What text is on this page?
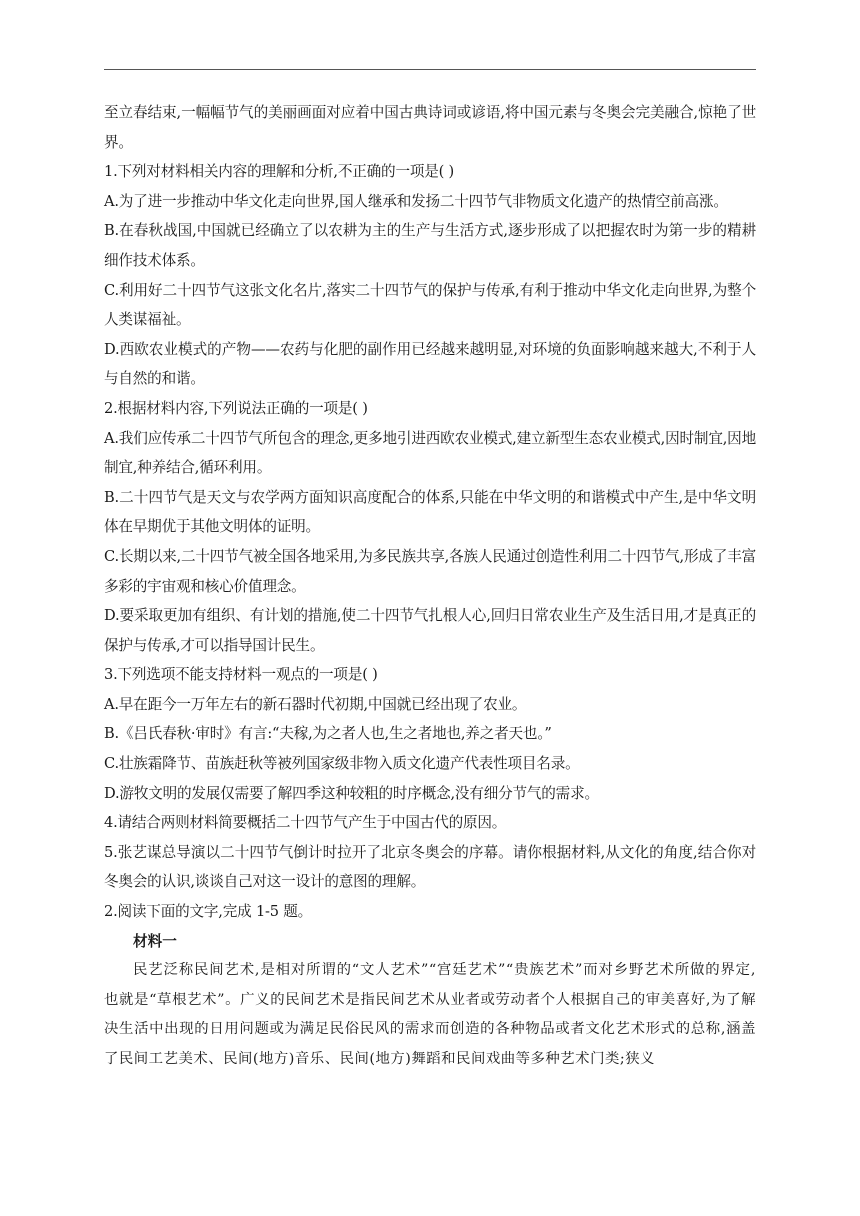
至立春结束,一幅幅节气的美丽画面对应着中国古典诗词或谚语,将中国元素与冬奥会完美融合,惊艳了世界。

1.下列对材料相关内容的理解和分析,不正确的一项是( )

A.为了进一步推动中华文化走向世界,国人继承和发扬二十四节气非物质文化遗产的热情空前高涨。

B.在春秋战国,中国就已经确立了以农耕为主的生产与生活方式,逐步形成了以把握农时为第一步的精耕细作技术体系。

C.利用好二十四节气这张文化名片,落实二十四节气的保护与传承,有利于推动中华文化走向世界,为整个人类谋福祉。

D.西欧农业模式的产物——农药与化肥的副作用已经越来越明显,对环境的负面影响越来越大,不利于人与自然的和谐。

2.根据材料内容,下列说法正确的一项是( )

A.我们应传承二十四节气所包含的理念,更多地引进西欧农业模式,建立新型生态农业模式,因时制宜,因地制宜,种养结合,循环利用。

B.二十四节气是天文与农学两方面知识高度配合的体系,只能在中华文明的和谐模式中产生,是中华文明体在早期优于其他文明体的证明。

C.长期以来,二十四节气被全国各地采用,为多民族共享,各族人民通过创造性利用二十四节气,形成了丰富多彩的宇宙观和核心价值理念。

D.要采取更加有组织、有计划的措施,使二十四节气扎根人心,回归日常农业生产及生活日用,才是真正的保护与传承,才可以指导国计民生。

3.下列选项不能支持材料一观点的一项是( )

A.早在距今一万年左右的新石器时代初期,中国就已经出现了农业。

B.《吕氏春秋·审时》有言:“夫稼,为之者人也,生之者地也,养之者天也。”

C.壮族霜降节、苗族赶秋等被列国家级非物入质文化遗产代表性项目名录。

D.游牧文明的发展仅需要了解四季这种较粗的时序概念,没有细分节气的需求。

4.请结合两则材料简要概括二十四节气产生于中国古代的原因。

5.张艺谋总导演以二十四节气倒计时拉开了北京冬奥会的序幕。请你根据材料,从文化的角度,结合你对冬奥会的认识,谈谈自己对这一设计的意图的理解。

2.阅读下面的文字,完成 1-5 题。

材料一

民艺泛称民间艺术,是相对所谓的“文人艺术”“宫廷艺术”“贵族艺术”而对乡野艺术所做的界定,也就是“草根艺术”。广义的民间艺术是指民间艺术从业者或劳动者个人根据自己的审美喜好,为了解决生活中出现的日用问题或为满足民俗民风的需求而创造的各种物品或者文化艺术形式的总称,涵盖了民间工艺美术、民间(地方)音乐、民间(地方)舞蹈和民间戏曲等多种艺术门类;狭义
